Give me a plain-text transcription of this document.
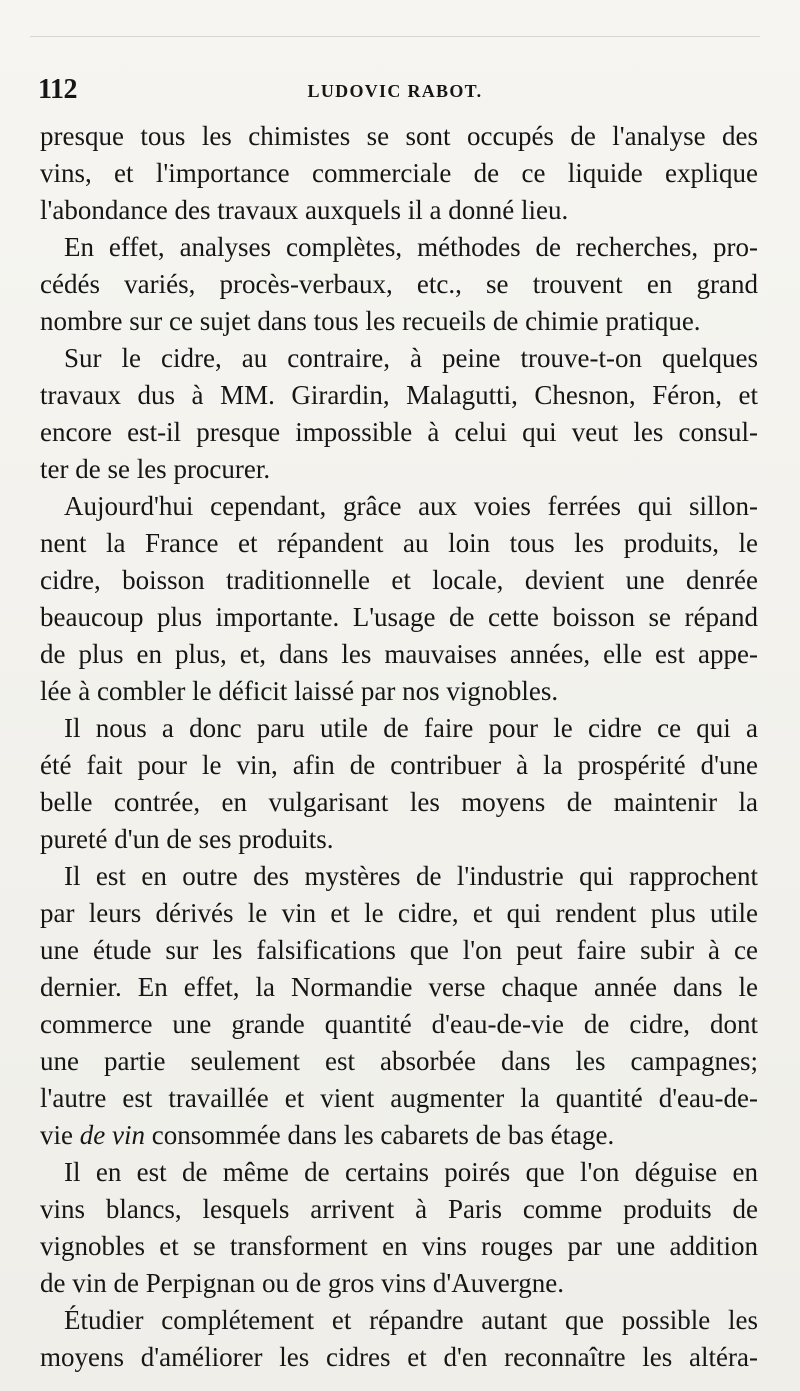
112	LUDOVIC RABOT.

presque tous les chimistes se sont occupés de l'analyse des
vins, et l'importance commerciale de ce liquide explique
l'abondance des travaux auxquels il a donné lieu.

En effet, analyses complètes, méthodes de recherches, pro-
cédés variés, procès-verbaux, etc., se trouvent en grand
nombre sur ce sujet dans tous les recueils de chimie pratique.

Sur le cidre, au contraire, à peine trouve-t-on quelques
travaux dus à MM. Girardin, Malagutti, Chesnon, Féron, et
encore est-il presque impossible à celui qui veut les consul-
ter de se les procurer.

Aujourd'hui cependant, grâce aux voies ferrées qui sillon-
nent la France et répandent au loin tous les produits, le
cidre, boisson traditionnelle et locale, devient une denrée
beaucoup plus importante. L'usage de cette boisson se répand
de plus en plus, et, dans les mauvaises années, elle est appe-
lée à combler le déficit laissé par nos vignobles.

Il nous a donc paru utile de faire pour le cidre ce qui a
été fait pour le vin, afin de contribuer à la prospérité d'une
belle contrée, en vulgarisant les moyens de maintenir la
pureté d'un de ses produits.

Il est en outre des mystères de l'industrie qui rapprochent
par leurs dérivés le vin et le cidre, et qui rendent plus utile
une étude sur les falsifications que l'on peut faire subir à ce
dernier. En effet, la Normandie verse chaque année dans le
commerce une grande quantité d'eau-de-vie de cidre, dont
une partie seulement est absorbée dans les campagnes;
l'autre est travaillée et vient augmenter la quantité d'eau-de-
vie de vin consommée dans les cabarets de bas étage.

Il en est de même de certains poirés que l'on déguise en
vins blancs, lesquels arrivent à Paris comme produits de
vignobles et se transforment en vins rouges par une addition
de vin de Perpignan ou de gros vins d'Auvergne.

Étudier complétement et répandre autant que possible les
moyens d'améliorer les cidres et d'en reconnaître les altéra-
